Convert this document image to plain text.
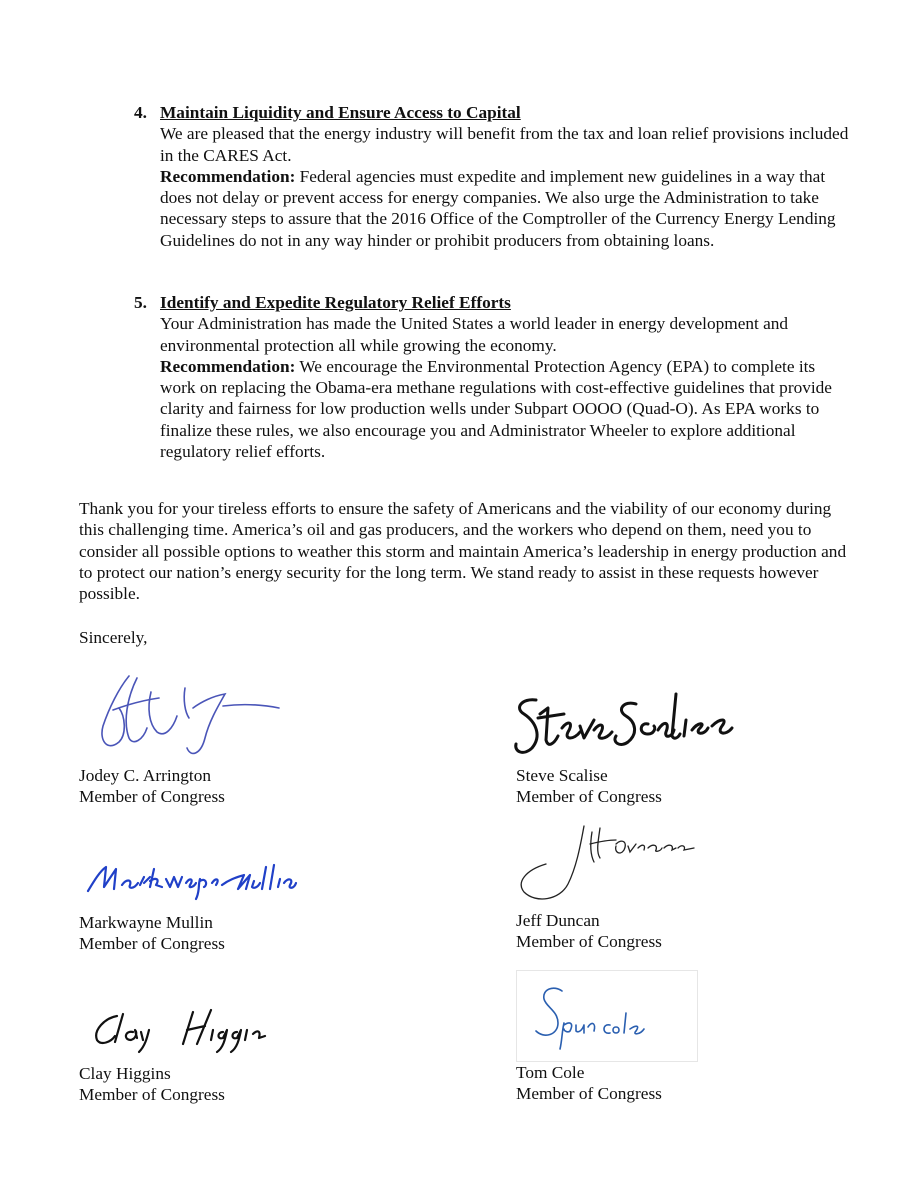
4. Maintain Liquidity and Ensure Access to Capital

We are pleased that the energy industry will benefit from the tax and loan relief provisions included in the CARES Act.

Recommendation: Federal agencies must expedite and implement new guidelines in a way that does not delay or prevent access for energy companies. We also urge the Administration to take necessary steps to assure that the 2016 Office of the Comptroller of the Currency Energy Lending Guidelines do not in any way hinder or prohibit producers from obtaining loans.

5. Identify and Expedite Regulatory Relief Efforts

Your Administration has made the United States a world leader in energy development and environmental protection all while growing the economy.

Recommendation: We encourage the Environmental Protection Agency (EPA) to complete its work on replacing the Obama-era methane regulations with cost-effective guidelines that provide clarity and fairness for low production wells under Subpart OOOO (Quad-O). As EPA works to finalize these rules, we also encourage you and Administrator Wheeler to explore additional regulatory relief efforts.

Thank you for your tireless efforts to ensure the safety of Americans and the viability of our economy during this challenging time. America’s oil and gas producers, and the workers who depend on them, need you to consider all possible options to weather this storm and maintain America’s leadership in energy production and to protect our nation’s energy security for the long term. We stand ready to assist in these requests however possible.

Sincerely,

Jodey C. Arrington
Member of Congress
Steve Scalise
Member of Congress
Markwayne Mullin
Member of Congress
Jeff Duncan
Member of Congress
Clay Higgins
Member of Congress
Tom Cole
Member of Congress
